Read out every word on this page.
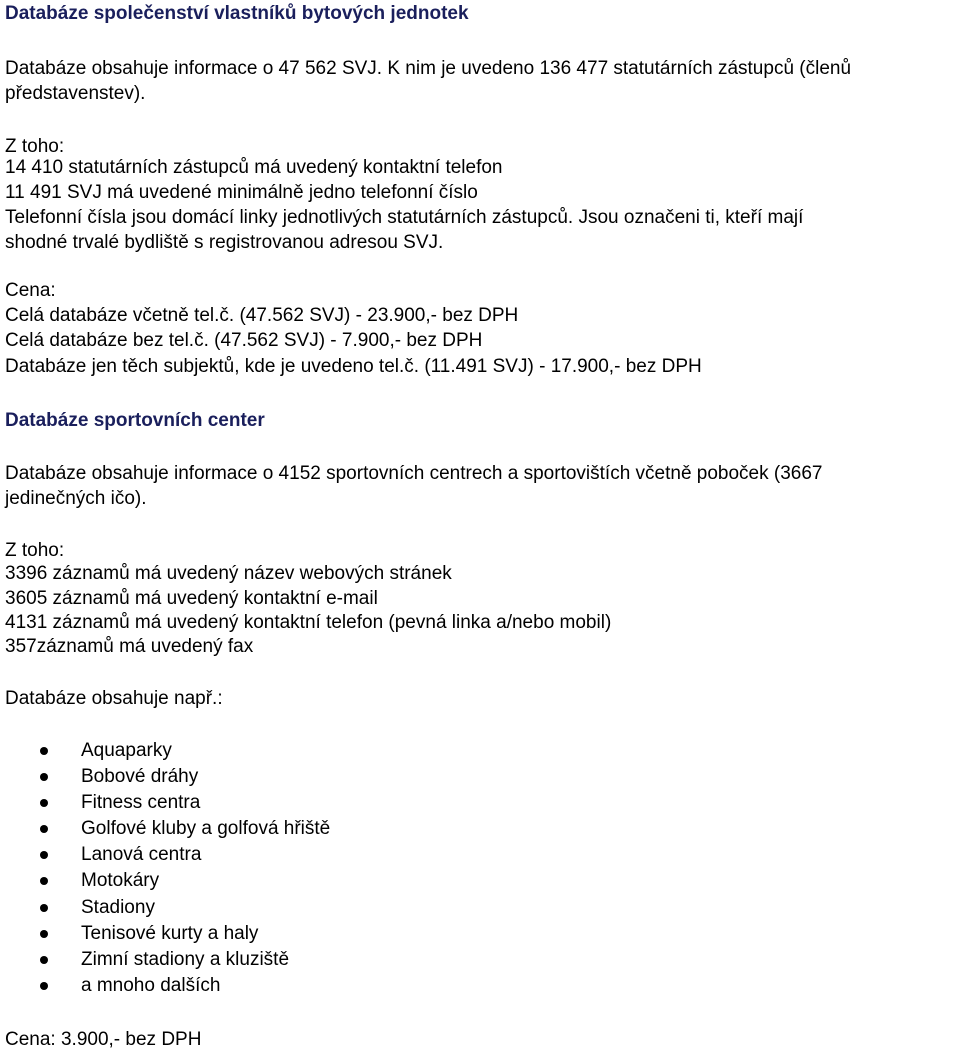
Databáze společenství vlastníků bytových jednotek
Databáze obsahuje informace o 47 562 SVJ. K nim je uvedeno 136 477 statutárních zástupců (členů
představenstev).
Z toho:
14 410 statutárních zástupců má uvedený kontaktní telefon
11 491 SVJ má uvedené minimálně jedno telefonní číslo
Telefonní čísla jsou domácí linky jednotlivých statutárních zástupců. Jsou označeni ti, kteří mají
shodné trvalé bydliště s registrovanou adresou SVJ.
Cena:
Celá databáze včetně tel.č. (47.562 SVJ) - 23.900,- bez DPH
Celá databáze bez tel.č. (47.562 SVJ) - 7.900,- bez DPH
Databáze jen těch subjektů, kde je uvedeno tel.č. (11.491 SVJ) - 17.900,- bez DPH
Databáze sportovních center
Databáze obsahuje informace o 4152 sportovních centrech a sportovištích včetně poboček (3667
jedinečných ičo).
Z toho:
3396 záznamů má uvedený název webových stránek
3605 záznamů má uvedený kontaktní e-mail
4131 záznamů má uvedený kontaktní telefon (pevná linka a/nebo mobil)
357záznamů má uvedený fax
Databáze obsahuje např.:
Aquaparky
Bobové dráhy
Fitness centra
Golfové kluby a golfová hřiště
Lanová centra
Motokáry
Stadiony
Tenisové kurty a haly
Zimní stadiony a kluziště
a mnoho dalších
Cena: 3.900,- bez DPH
